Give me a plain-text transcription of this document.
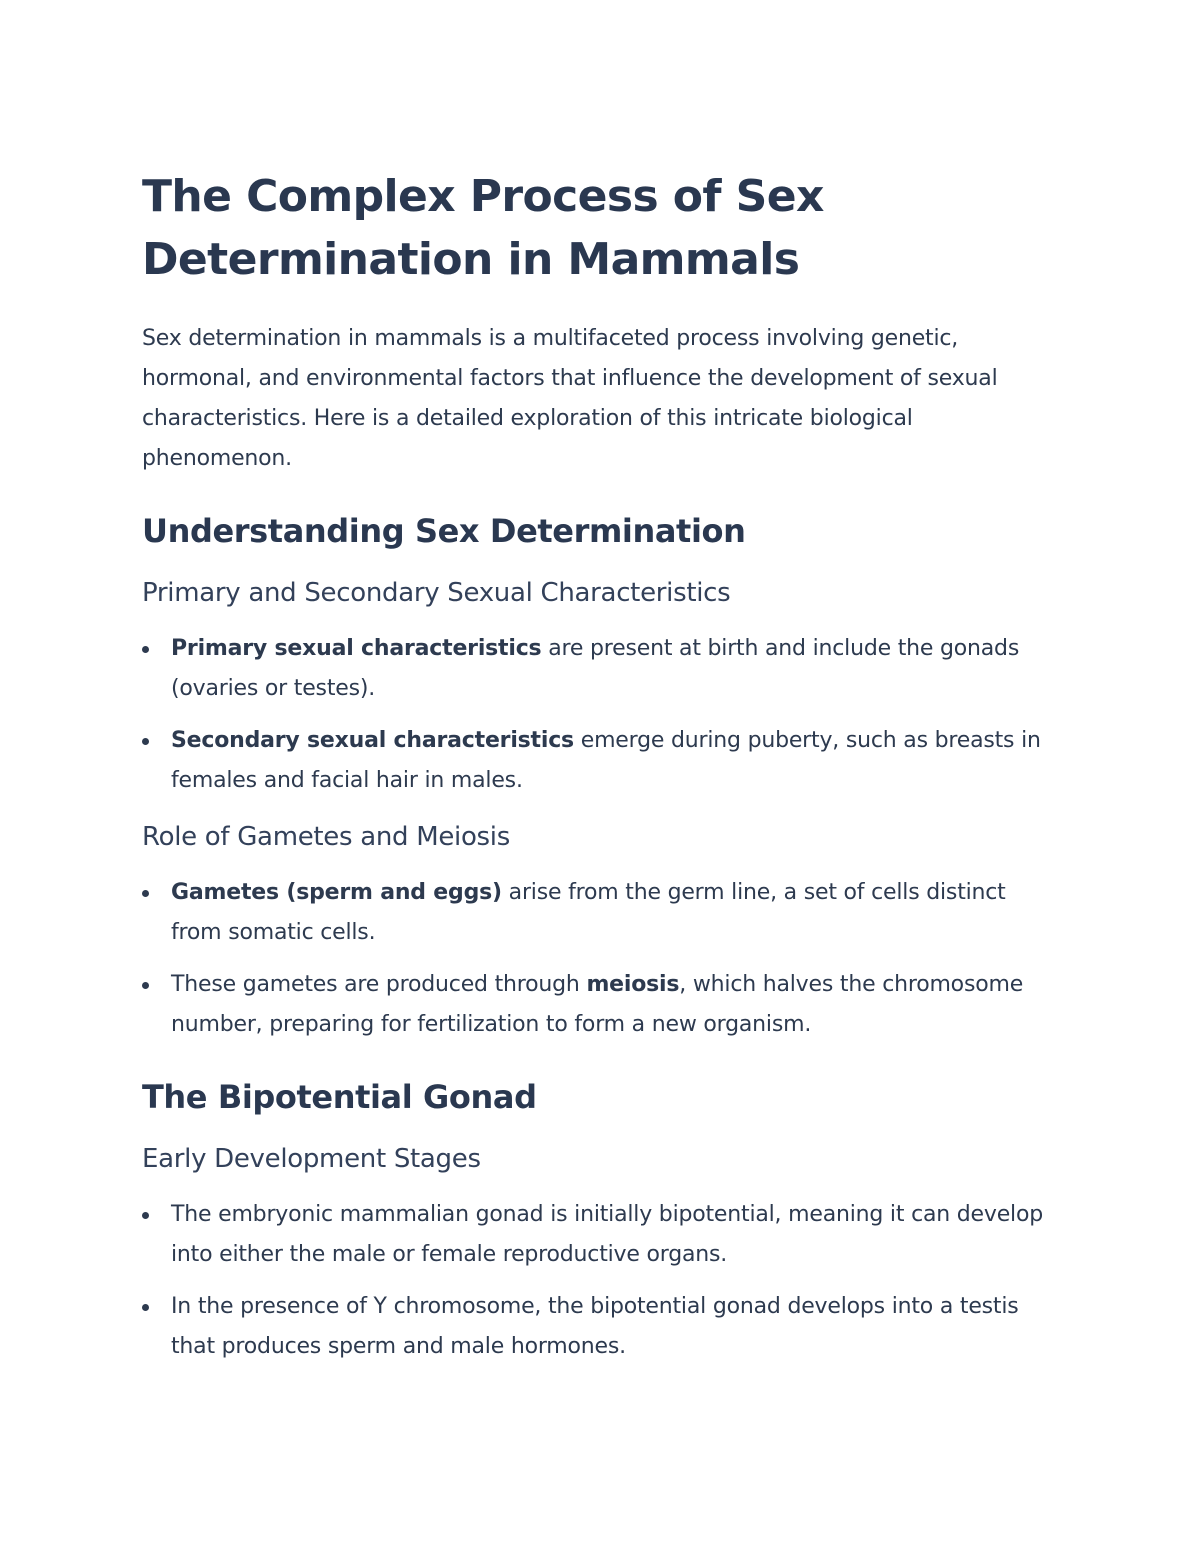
The Complex Process of Sex Determination in Mammals

Sex determination in mammals is a multifaceted process involving genetic, hormonal, and environmental factors that influence the development of sexual characteristics. Here is a detailed exploration of this intricate biological phenomenon.

Understanding Sex Determination
Primary and Secondary Sexual Characteristics
Primary sexual characteristics are present at birth and include the gonads (ovaries or testes).
Secondary sexual characteristics emerge during puberty, such as breasts in females and facial hair in males.
Role of Gametes and Meiosis
Gametes (sperm and eggs) arise from the germ line, a set of cells distinct from somatic cells.
These gametes are produced through meiosis, which halves the chromosome number, preparing for fertilization to form a new organism.
The Bipotential Gonad
Early Development Stages
The embryonic mammalian gonad is initially bipotential, meaning it can develop into either the male or female reproductive organs.
In the presence of Y chromosome, the bipotential gonad develops into a testis that produces sperm and male hormones.
